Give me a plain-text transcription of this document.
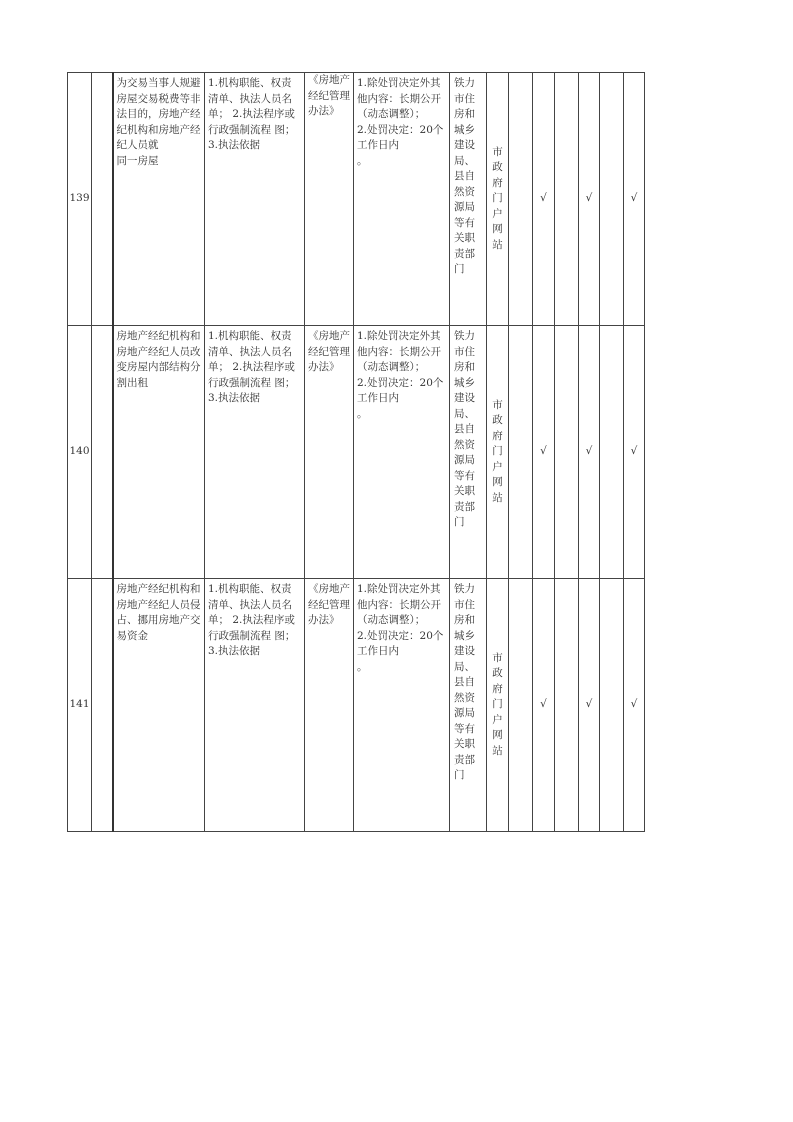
139		为交易当事人规避房屋交易税费等非法目的，房地产经纪机构和房地产经纪人员就
同一房屋	1.机构职能、权责清单、执法人员名单； 2.执法程序或行政强制流程 图； 3.执法依据	《房地产经纪管理办法》	1.除处罚决定外其他内容：长期公开
（动态调整）；
2.处罚决定：20个工作日内
。	铁力市住房和城乡建设局、县自然资源局等有关职责部门	市政府门户网站		√		√		√
140		房地产经纪机构和房地产经纪人员改变房屋内部结构分割出租	1.机构职能、权责清单、执法人员名单； 2.执法程序或行政强制流程 图； 3.执法依据	《房地产经纪管理办法》	1.除处罚决定外其他内容：长期公开
（动态调整）；
2.处罚决定：20个工作日内
。	铁力市住房和城乡建设局、县自然资源局等有关职责部门	市政府门户网站		√		√		√
141		房地产经纪机构和房地产经纪人员侵占、挪用房地产交易资金	1.机构职能、权责清单、执法人员名单； 2.执法程序或行政强制流程 图； 3.执法依据	《房地产经纪管理办法》	1.除处罚决定外其他内容：长期公开
（动态调整）；
2.处罚决定：20个工作日内
。	铁力市住房和城乡建设局、县自然资源局等有关职责部门	市政府门户网站		√		√		√
